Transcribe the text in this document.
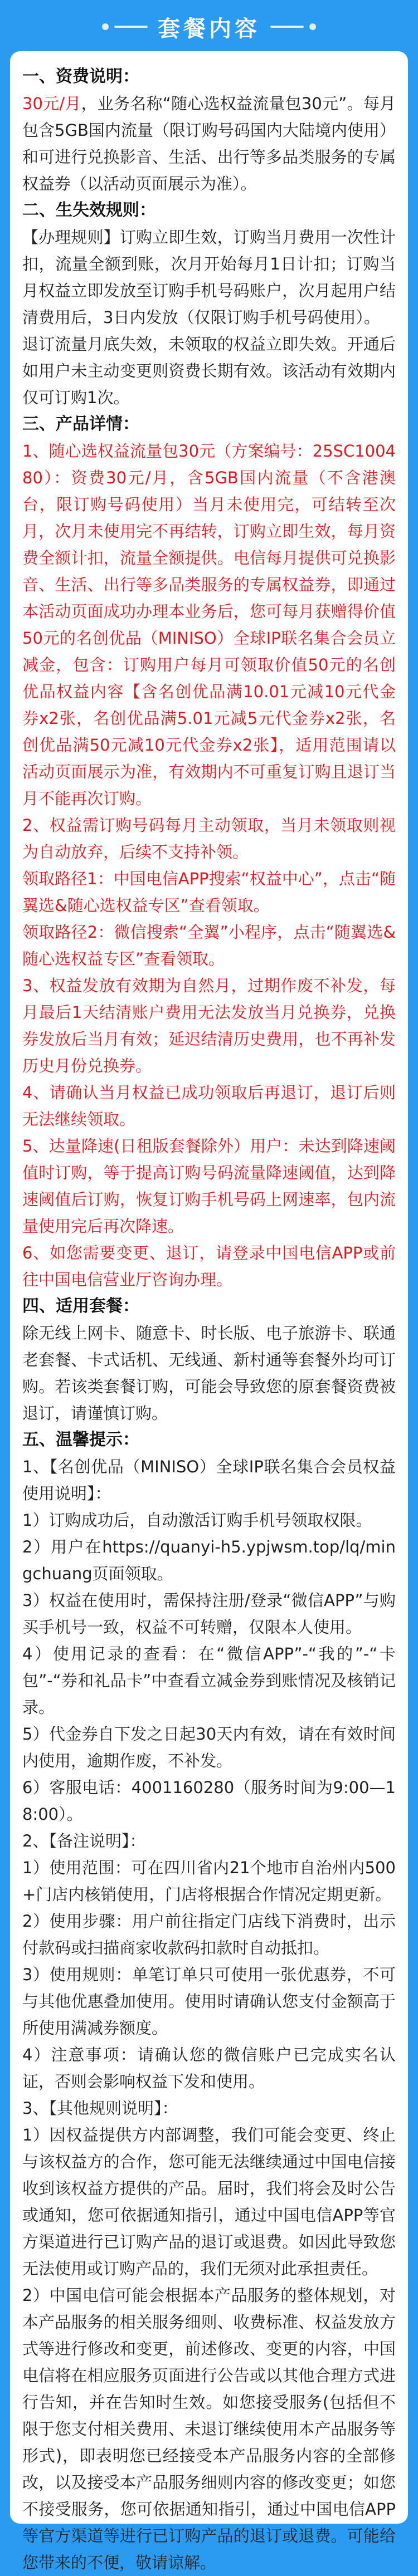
套餐内容

一、资费说明：

30元/月，业务名称“随心选权益流量包30元”。每月包含5GB国内流量（限订购号码国内大陆境内使用）和可进行兑换影音、生活、出行等多品类服务的专属权益券（以活动页面展示为准）。

二、生失效规则：

【办理规则】订购立即生效，订购当月费用一次性计扣，流量全额到账，次月开始每月1日计扣；订购当月权益立即发放至订购手机号码账户，次月起用户结清费用后，3日内发放（仅限订购手机号码使用）。

退订流量月底失效，未领取的权益立即失效。开通后如用户未主动变更则资费长期有效。该活动有效期内仅可订购1次。

三、产品详情：

1、随心选权益流量包30元（方案编号：25SC100480）：资费30元/月，含5GB国内流量（不含港澳台，限订购号码使用）当月未使用完，可结转至次月，次月未使用完不再结转，订购立即生效，每月资费全额计扣，流量全额提供。电信每月提供可兑换影音、生活、出行等多品类服务的专属权益券，即通过本活动页面成功办理本业务后，您可每月获赠得价值50元的名创优品（MINISO）全球IP联名集合会员立减金，包含：订购用户每月可领取价值50元的名创优品权益内容【含名创优品满10.01元减10元代金券x2张，名创优品满5.01元减5元代金券x2张，名创优品满50元减10元代金券x2张】，适用范围请以活动页面展示为准，有效期内不可重复订购且退订当月不能再次订购。

2、权益需订购号码每月主动领取，当月未领取则视为自动放弃，后续不支持补领。

领取路径1：中国电信APP搜索“权益中心”，点击“随翼选&随心选权益专区”查看领取。

领取路径2：微信搜索“全翼”小程序，点击“随翼选&随心选权益专区”查看领取。

3、权益发放有效期为自然月，过期作废不补发，每月最后1天结清账户费用无法发放当月兑换券，兑换券发放后当月有效；延迟结清历史费用，也不再补发历史月份兑换券。

4、请确认当月权益已成功领取后再退订，退订后则无法继续领取。

5、达量降速(日租版套餐除外）用户：未达到降速阈值时订购，等于提高订购号码流量降速阈值，达到降速阈值后订购，恢复订购手机号码上网速率，包内流量使用完后再次降速。

6、如您需要变更、退订，请登录中国电信APP或前往中国电信营业厅咨询办理。

四、适用套餐：

除无线上网卡、随意卡、时长版、电子旅游卡、联通老套餐、卡式话机、无线通、新村通等套餐外均可订购。若该类套餐订购，可能会导致您的原套餐资费被退订，请谨慎订购。

五、温馨提示：

1、【名创优品（MINISO）全球IP联名集合会员权益使用说明】：

1）订购成功后，自动激活订购手机号领取权限。

2）用户在https://quanyi-h5.ypjwsm.top/lq/mingchuang页面领取。

3）权益在使用时，需保持注册/登录“微信APP”与购买手机号一致，权益不可转赠，仅限本人使用。

4）使用记录的查看：在“微信APP”-“我的”-“卡包”-“券和礼品卡”中查看立减金券到账情况及核销记录。

5）代金券自下发之日起30天内有效，请在有效时间内使用，逾期作废，不补发。

6）客服电话：4001160280（服务时间为9:00—18:00）。

2、【备注说明】：

1）使用范围：可在四川省内21个地市自治州内500+门店内核销使用，门店将根据合作情况定期更新。

2）使用步骤：用户前往指定门店线下消费时，出示付款码或扫描商家收款码扣款时自动抵扣。

3）使用规则：单笔订单只可使用一张优惠券，不可与其他优惠叠加使用。使用时请确认您支付金额高于所使用满减券额度。

4）注意事项：请确认您的微信账户已完成实名认证，否则会影响权益下发和使用。

3、【其他规则说明】：

1）因权益提供方内部调整，我们可能会变更、终止与该权益方的合作，您可能无法继续通过中国电信接收到该权益方提供的产品。届时，我们将会及时公告或通知，您可依据通知指引，通过中国电信APP等官方渠道进行已订购产品的退订或退费。如因此导致您无法使用或订购产品的，我们无须对此承担责任。

2）中国电信可能会根据本产品服务的整体规划，对本产品服务的相关服务细则、收费标准、权益发放方式等进行修改和变更，前述修改、变更的内容，中国电信将在相应服务页面进行公告或以其他合理方式进行告知，并在告知时生效。如您接受服务(包括但不限于您支付相关费用、未退订继续使用本产品服务等形式)，即表明您已经接受本产品服务内容的全部修改，以及接受本产品服务细则内容的修改变更；如您不接受服务，您可依据通知指引，通过中国电信APP等官方渠道等进行已订购产品的退订或退费。可能给您带来的不便，敬请谅解。
